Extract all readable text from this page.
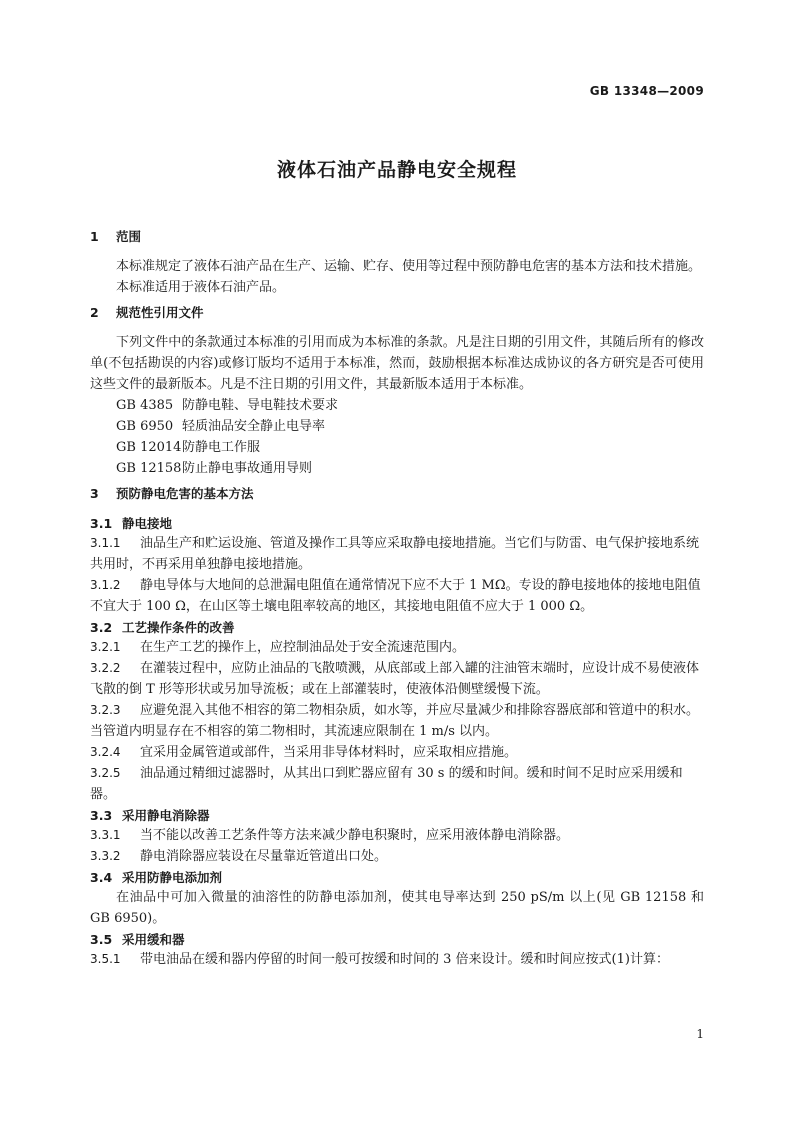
GB 13348—2009
液体石油产品静电安全规程
1 范围

本标准规定了液体石油产品在生产、运输、贮存、使用等过程中预防静电危害的基本方法和技术措施。

本标准适用于液体石油产品。

2 规范性引用文件

下列文件中的条款通过本标准的引用而成为本标准的条款。凡是注日期的引用文件，其随后所有的修改单(不包括勘误的内容)或修订版均不适用于本标准，然而，鼓励根据本标准达成协议的各方研究是否可使用这些文件的最新版本。凡是不注日期的引用文件，其最新版本适用于本标准。

GB 4385 防静电鞋、导电鞋技术要求
GB 6950 轻质油品安全静止电导率
GB 12014防静电工作服
GB 12158防止静电事故通用导则
3 预防静电危害的基本方法
3.1 静电接地

3.1.1 油品生产和贮运设施、管道及操作工具等应采取静电接地措施。当它们与防雷、电气保护接地系统共用时，不再采用单独静电接地措施。

3.1.2 静电导体与大地间的总泄漏电阻值在通常情况下应不大于 1 MΩ。专设的静电接地体的接地电阻值不宜大于 100 Ω，在山区等土壤电阻率较高的地区，其接地电阻值不应大于 1 000 Ω。

3.2 工艺操作条件的改善

3.2.1 在生产工艺的操作上，应控制油品处于安全流速范围内。

3.2.2 在灌装过程中，应防止油品的飞散喷溅，从底部或上部入罐的注油管末端时，应设计成不易使液体飞散的倒 T 形等形状或另加导流板；或在上部灌装时，使液体沿侧壁缓慢下流。

3.2.3 应避免混入其他不相容的第二物相杂质，如水等，并应尽量减少和排除容器底部和管道中的积水。当管道内明显存在不相容的第二物相时，其流速应限制在 1 m/s 以内。

3.2.4 宜采用金属管道或部件，当采用非导体材料时，应采取相应措施。

3.2.5 油品通过精细过滤器时，从其出口到贮器应留有 30 s 的缓和时间。缓和时间不足时应采用缓和器。

3.3 采用静电消除器

3.3.1 当不能以改善工艺条件等方法来减少静电积聚时，应采用液体静电消除器。

3.3.2 静电消除器应装设在尽量靠近管道出口处。

3.4 采用防静电添加剂

在油品中可加入微量的油溶性的防静电添加剂，使其电导率达到 250 pS/m 以上(见 GB 12158 和 GB 6950)。

3.5 采用缓和器

3.5.1 带电油品在缓和器内停留的时间一般可按缓和时间的 3 倍来设计。缓和时间应按式(1)计算：

1
